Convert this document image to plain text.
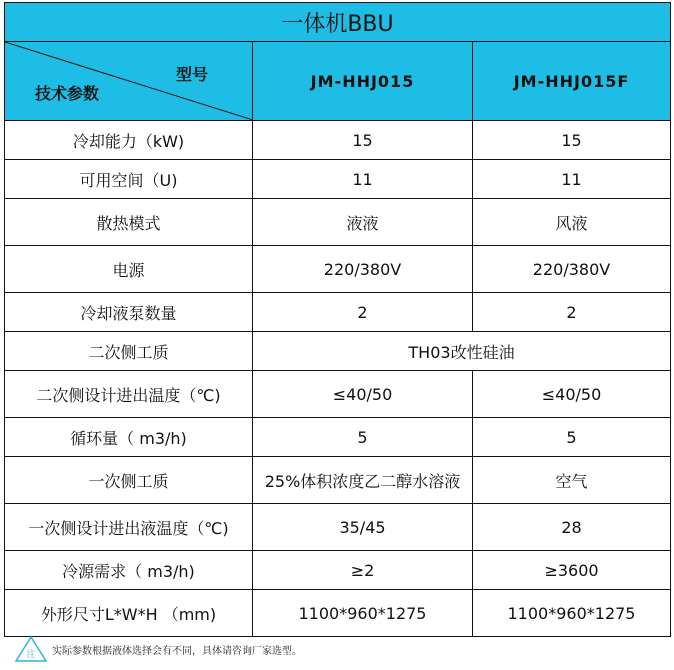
一体机BBU		

型号
技术参数	JM-HHJ015	JM-HHJ015F
冷却能力（kW)	15	15
可用空间（U)	11	11
散热模式	液液	风液
电源	220/380V	220/380V
冷却液泵数量	2	2
二次侧工质	TH03改性硅油	
二次侧设计进出温度（℃)	≤40/50	≤40/50
循环量（ m3/h)	5	5
一次侧工质	25%体积浓度乙二醇水溶液	空气
一次侧设计进出液温度（℃)	35/45	28
冷源需求（ m3/h)	≥2	≥3600
外形尺寸L*W*H （mm)	1100*960*1275	1100*960*1275
注 实际参数根据液体选择会有不同，具体请咨询厂家选型。
